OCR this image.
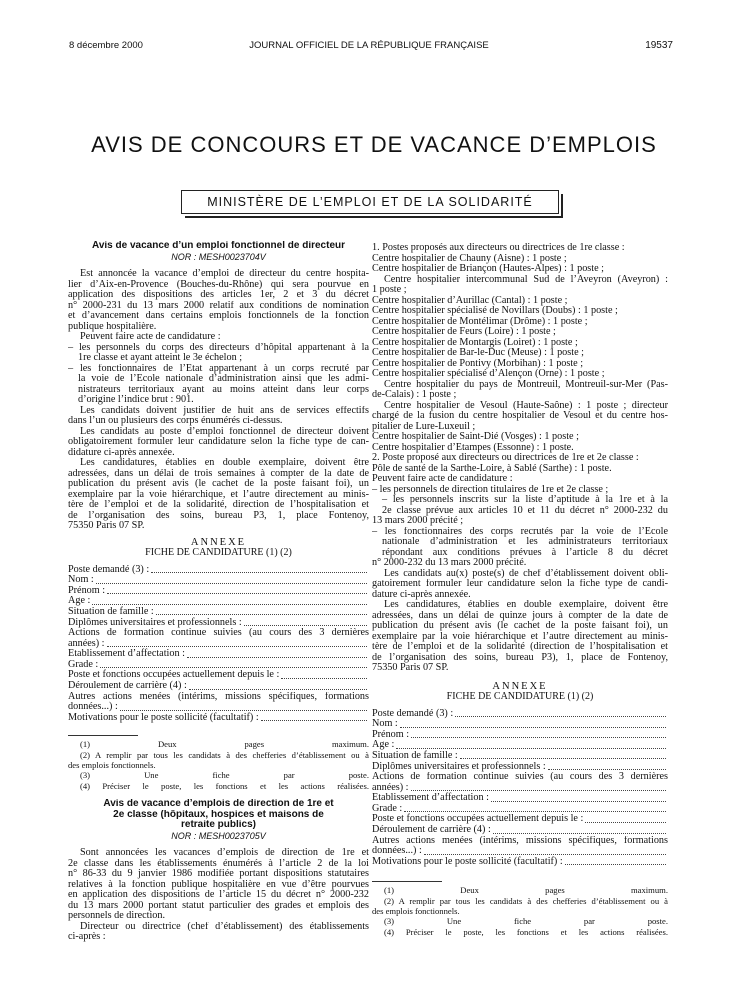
8 décembre 2000	JOURNAL OFFICIEL DE LA RÉPUBLIQUE FRANÇAISE	19537
AVIS DE CONCOURS ET DE VACANCE D’EMPLOIS
MINISTÈRE DE L’EMPLOI ET DE LA SOLIDARITÉ
Avis de vacance d’un emploi fonctionnel de directeur
NOR : MESH0023704V
Est annoncée la vacance d’emploi de directeur du centre hospita-
lier d’Aix-en-Provence (Bouches-du-Rhône) qui sera pourvue en
application des dispositions des articles 1er, 2 et 3 du décret
n° 2000-231 du 13 mars 2000 relatif aux conditions de nomination
et d’avancement dans certains emplois fonctionnels de la fonction
publique hospitalière.
Peuvent faire acte de candidature :
– les personnels du corps des directeurs d’hôpital appartenant à la
1re classe et ayant atteint le 3e échelon ;
– les fonctionnaires de l’Etat appartenant à un corps recruté par
la voie de l’Ecole nationale d’administration ainsi que les admi-
nistrateurs territoriaux ayant au moins atteint dans leur corps
d’origine l’indice brut : 901.
Les candidats doivent justifier de huit ans de services effectifs
dans l’un ou plusieurs des corps énumérés ci-dessus.
Les candidats au poste d’emploi fonctionnel de directeur doivent
obligatoirement formuler leur candidature selon la fiche type de can-
didature ci-après annexée.
Les candidatures, établies en double exemplaire, doivent être
adressées, dans un délai de trois semaines à compter de la date de
publication du présent avis (le cachet de la poste faisant foi), un
exemplaire par la voie hiérarchique, et l’autre directement au minis-
tère de l’emploi et de la solidarité, direction de l’hospitalisation et
de l’organisation des soins, bureau P3, 1, place Fontenoy,
75350 Paris 07 SP.
ANNEXE
FICHE DE CANDIDATURE (1) (2)
Poste demandé (3) :
Nom :
Prénom :
Age :
Situation de famille :
Diplômes universitaires et professionnels :
Actions de formation continue suivies (au cours des 3 dernières
années) :
Etablissement d’affectation :
Grade :
Poste et fonctions occupées actuellement depuis le :
Déroulement de carrière (4) :
Autres actions menées (intérims, missions spécifiques, formations
données...) :
Motivations pour le poste sollicité (facultatif) :
(1) Deux pages maximum.
(2) A remplir par tous les candidats à des chefferies d’établissement ou à
des emplois fonctionnels.
(3) Une fiche par poste.
(4) Préciser le poste, les fonctions et les actions réalisées.
Avis de vacance d’emplois de direction de 1re et
2e classe (hôpitaux, hospices et maisons de
retraite publics)
NOR : MESH0023705V
Sont annoncées les vacances d’emplois de direction de 1re et
2e classe dans les établissements énumérés à l’article 2 de la loi
n° 86-33 du 9 janvier 1986 modifiée portant dispositions statutaires
relatives à la fonction publique hospitalière en vue d’être pourvues
en application des dispositions de l’article 15 du décret n° 2000-232
du 13 mars 2000 portant statut particulier des grades et emplois des
personnels de direction.
Directeur ou directrice (chef d’établissement) des établissements
ci-après :
1. Postes proposés aux directeurs ou directrices de 1re classe :
Centre hospitalier de Chauny (Aisne) : 1 poste ;
Centre hospitalier de Briançon (Hautes-Alpes) : 1 poste ;
Centre hospitalier intercommunal Sud de l’Aveyron (Aveyron) :
1 poste ;
Centre hospitalier d’Aurillac (Cantal) : 1 poste ;
Centre hospitalier spécialisé de Novillars (Doubs) : 1 poste ;
Centre hospitalier de Montélimar (Drôme) : 1 poste ;
Centre hospitalier de Feurs (Loire) : 1 poste ;
Centre hospitalier de Montargis (Loiret) : 1 poste ;
Centre hospitalier de Bar-le-Duc (Meuse) : 1 poste ;
Centre hospitalier de Pontivy (Morbihan) : 1 poste ;
Centre hospitalier spécialisé d’Alençon (Orne) : 1 poste ;
Centre hospitalier du pays de Montreuil, Montreuil-sur-Mer (Pas-
de-Calais) : 1 poste ;
Centre hospitalier de Vesoul (Haute-Saône) : 1 poste ; directeur
chargé de la fusion du centre hospitalier de Vesoul et du centre hos-
pitalier de Lure-Luxeuil ;
Centre hospitalier de Saint-Dié (Vosges) : 1 poste ;
Centre hospitalier d’Etampes (Essonne) : 1 poste.
2. Poste proposé aux directeurs ou directrices de 1re et 2e classe :
Pôle de santé de la Sarthe-Loire, à Sablé (Sarthe) : 1 poste.
Peuvent faire acte de candidature :
– les personnels de direction titulaires de 1re et 2e classe ;
– les personnels inscrits sur la liste d’aptitude à la 1re et à la
2e classe prévue aux articles 10 et 11 du décret n° 2000-232 du
13 mars 2000 précité ;
– les fonctionnaires des corps recrutés par la voie de l’Ecole
nationale d’administration et les administrateurs territoriaux
répondant aux conditions prévues à l’article 8 du décret
n° 2000-232 du 13 mars 2000 précité.
Les candidats au(x) poste(s) de chef d’établissement doivent obli-
gatoirement formuler leur candidature selon la fiche type de candi-
dature ci-après annexée.
Les candidatures, établies en double exemplaire, doivent être
adressées, dans un délai de quinze jours à compter de la date de
publication du présent avis (le cachet de la poste faisant foi), un
exemplaire par la voie hiérarchique et l’autre directement au minis-
tère de l’emploi et de la solidarité (direction de l’hospitalisation et
de l’organisation des soins, bureau P3), 1, place de Fontenoy,
75350 Paris 07 SP.
ANNEXE
FICHE DE CANDIDATURE (1) (2)
Poste demandé (3) :
Nom :
Prénom :
Age :
Situation de famille :
Diplômes universitaires et professionnels :
Actions de formation continue suivies (au cours des 3 dernières
années) :
Etablissement d’affectation :
Grade :
Poste et fonctions occupées actuellement depuis le :
Déroulement de carrière (4) :
Autres actions menées (intérims, missions spécifiques, formations
données...) :
Motivations pour le poste sollicité (facultatif) :
(1) Deux pages maximum.
(2) A remplir par tous les candidats à des chefferies d’établissement ou à
des emplois fonctionnels.
(3) Une fiche par poste.
(4) Préciser le poste, les fonctions et les actions réalisées.
